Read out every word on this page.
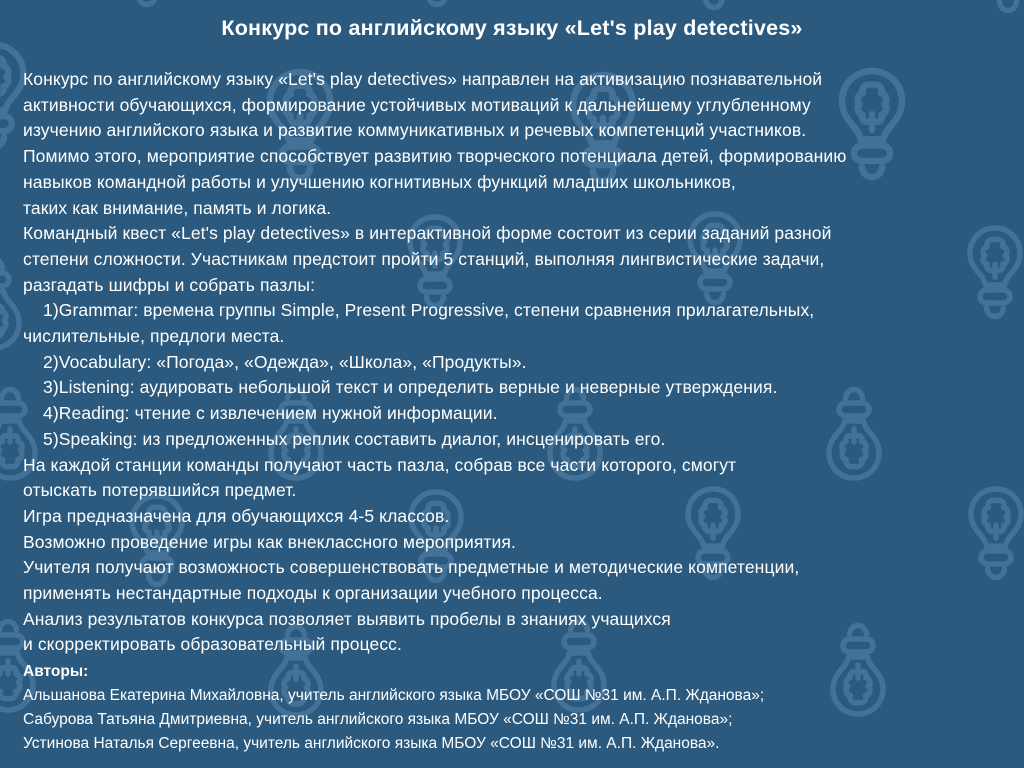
Конкурс по английскому языку «Let's play detectives»
Конкурс по английскому языку «Let's play detectives» направлен на активизацию познавательной
активности обучающихся, формирование устойчивых мотиваций к дальнейшему углубленному
изучению английского языка и развитие коммуникативных и речевых компетенций участников.
Помимо этого, мероприятие способствует развитию творческого потенциала детей, формированию
навыков командной работы и улучшению когнитивных функций младших школьников,
таких как внимание, память и логика.
Командный квест «Let's play detectives» в интерактивной форме состоит из серии заданий разной
степени сложности. Участникам предстоит пройти 5 станций, выполняя лингвистические задачи,
разгадать шифры и собрать пазлы:
1)Grammar: времена группы Simple, Present Progressive, степени сравнения прилагательных,
числительные, предлоги места.
2)Vocabulary: «Погода», «Одежда», «Школа», «Продукты».
3)Listening: аудировать небольшой текст и определить верные и неверные утверждения.
4)Reading: чтение с извлечением нужной информации.
5)Speaking: из предложенных реплик составить диалог, инсценировать его.
На каждой станции команды получают часть пазла, собрав все части которого, смогут
отыскать потерявшийся предмет.
Игра предназначена для обучающихся 4-5 классов.
Возможно проведение игры как внеклассного мероприятия.
Учителя получают возможность совершенствовать предметные и методические компетенции,
применять нестандартные подходы к организации учебного процесса.
Анализ результатов конкурса позволяет выявить пробелы в знаниях учащихся
и скорректировать образовательный процесс.
Авторы:
Альшанова Екатерина Михайловна, учитель английского языка МБОУ «СОШ №31 им. А.П. Жданова»;
Сабурова Татьяна Дмитриевна, учитель английского языка МБОУ «СОШ №31 им. А.П. Жданова»;
Устинова Наталья Сергеевна, учитель английского языка МБОУ «СОШ №31 им. А.П. Жданова».
